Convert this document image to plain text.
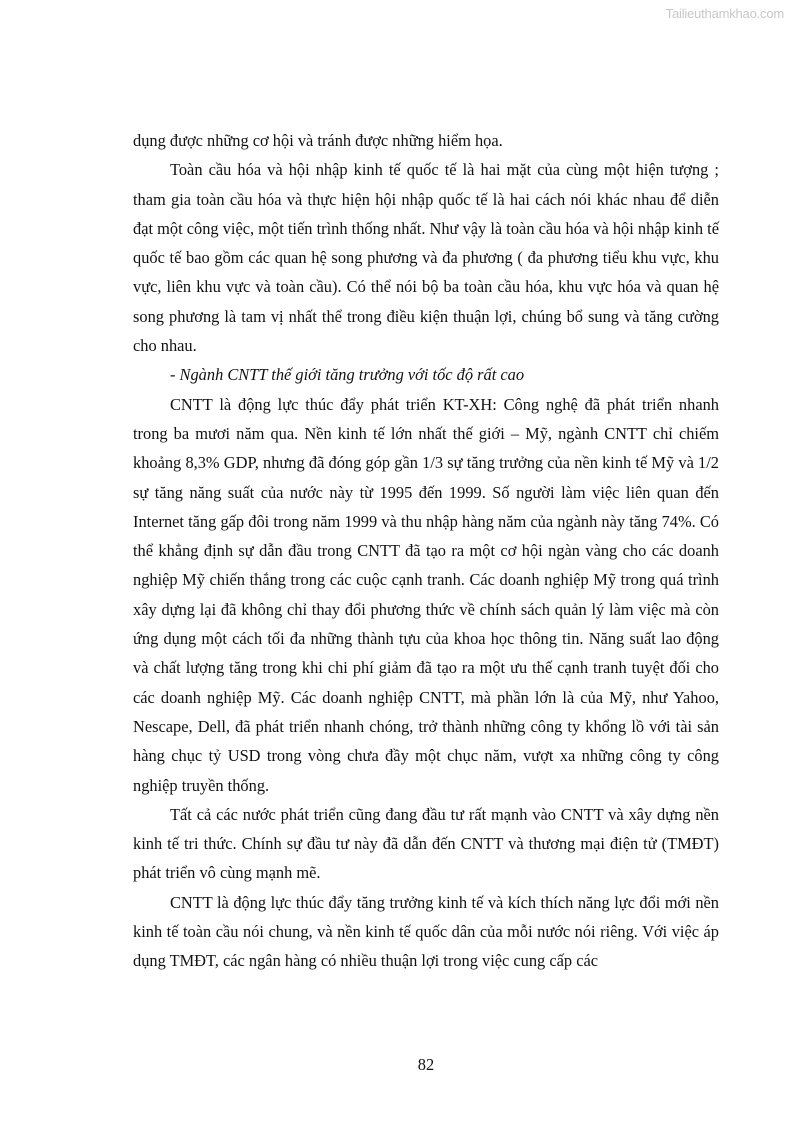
Tailieuthamkhao.com

dụng được những cơ hội và tránh được những hiểm họa.

Toàn cầu hóa và hội nhập kinh tế quốc tế là hai mặt của cùng một hiện tượng ; tham gia toàn cầu hóa và thực hiện hội nhập quốc tế là hai cách nói khác nhau để diễn đạt một công việc, một tiến trình thống nhất. Như vậy là toàn cầu hóa và hội nhập kinh tế quốc tế bao gồm các quan hệ song phương và đa phương ( đa phương tiểu khu vực, khu vực, liên khu vực và toàn cầu). Có thể nói bộ ba toàn cầu hóa, khu vực hóa và quan hệ song phương là tam vị nhất thể trong điều kiện thuận lợi, chúng bổ sung và tăng cường cho nhau.

- Ngành CNTT thế giới tăng trưởng với tốc độ rất cao

CNTT là động lực thúc đẩy phát triển KT-XH: Công nghệ đã phát triển nhanh trong ba mươi năm qua. Nền kinh tế lớn nhất thế giới – Mỹ, ngành CNTT chỉ chiếm khoảng 8,3% GDP, nhưng đã đóng góp gần 1/3 sự tăng trưởng của nền kinh tế Mỹ và 1/2 sự tăng năng suất của nước này từ 1995 đến 1999. Số người làm việc liên quan đến Internet tăng gấp đôi trong năm 1999 và thu nhập hàng năm của ngành này tăng 74%. Có thể khẳng định sự dẫn đầu trong CNTT đã tạo ra một cơ hội ngàn vàng cho các doanh nghiệp Mỹ chiến thắng trong các cuộc cạnh tranh. Các doanh nghiệp Mỹ trong quá trình xây dựng lại đã không chỉ thay đổi phương thức về chính sách quản lý làm việc mà còn ứng dụng một cách tối đa những thành tựu của khoa học thông tin. Năng suất lao động và chất lượng tăng trong khi chi phí giảm đã tạo ra một ưu thế cạnh tranh tuyệt đối cho các doanh nghiệp Mỹ. Các doanh nghiệp CNTT, mà phần lớn là của Mỹ, như Yahoo, Nescape, Dell, đã phát triển nhanh chóng, trở thành những công ty khổng lồ với tài sản hàng chục tỷ USD trong vòng chưa đầy một chục năm, vượt xa những công ty công nghiệp truyền thống.

Tất cả các nước phát triển cũng đang đầu tư rất mạnh vào CNTT và xây dựng nền kinh tế tri thức. Chính sự đầu tư này đã dẫn đến CNTT và thương mại điện tử (TMĐT) phát triển vô cùng mạnh mẽ.

CNTT là động lực thúc đẩy tăng trưởng kinh tế và kích thích năng lực đổi mới nền kinh tế toàn cầu nói chung, và nền kinh tế quốc dân của mỗi nước nói riêng. Với việc áp dụng TMĐT, các ngân hàng có nhiều thuận lợi trong việc cung cấp các

82
